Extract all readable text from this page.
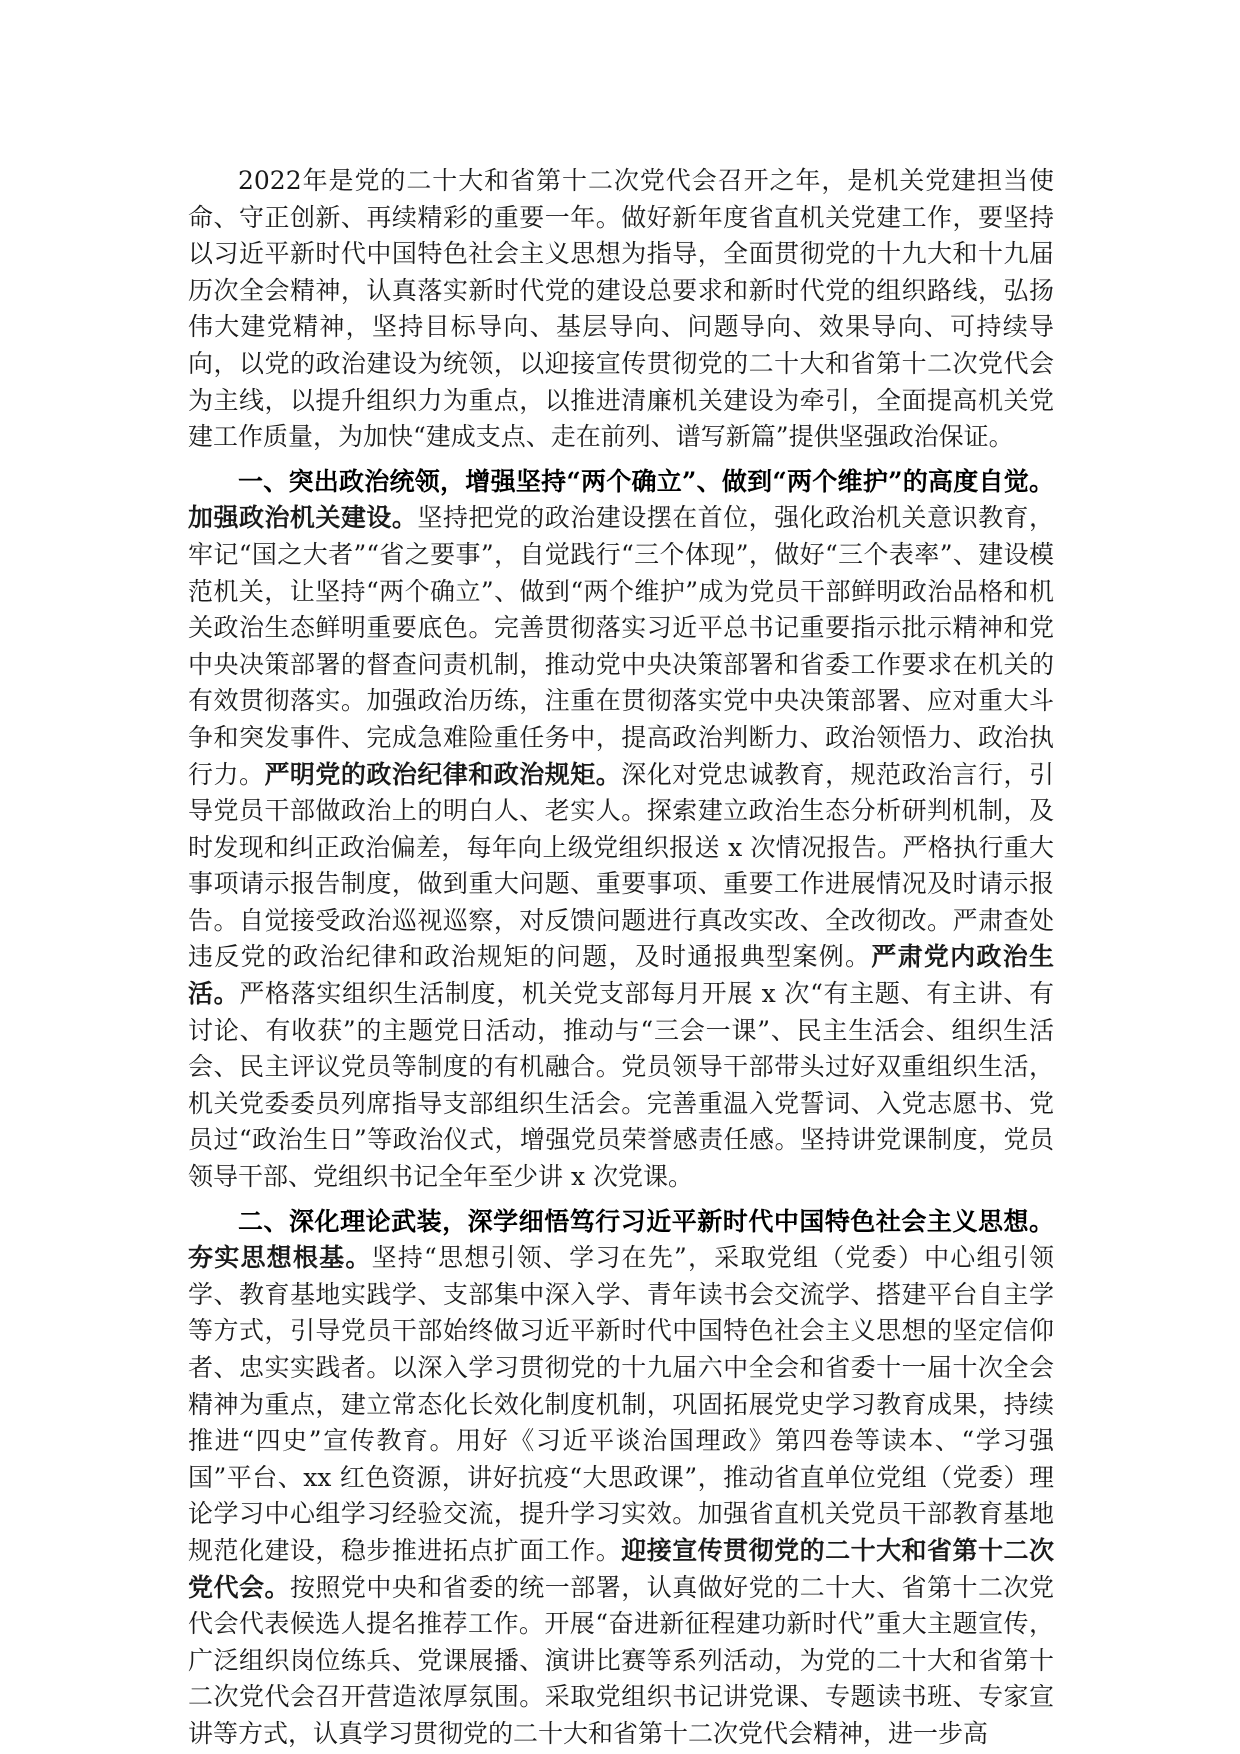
2022年是党的二十大和省第十二次党代会召开之年，是机关党建担当使命、守正创新、再续精彩的重要一年。做好新年度省直机关党建工作，要坚持以习近平新时代中国特色社会主义思想为指导，全面贯彻党的十九大和十九届历次全会精神，认真落实新时代党的建设总要求和新时代党的组织路线，弘扬伟大建党精神，坚持目标导向、基层导向、问题导向、效果导向、可持续导向，以党的政治建设为统领，以迎接宣传贯彻党的二十大和省第十二次党代会为主线，以提升组织力为重点，以推进清廉机关建设为牵引，全面提高机关党建工作质量，为加快“建成支点、走在前列、谱写新篇”提供坚强政治保证。

一、突出政治统领，增强坚持“两个确立”、做到“两个维护”的高度自觉。加强政治机关建设。坚持把党的政治建设摆在首位，强化政治机关意识教育，牢记“国之大者”“省之要事”，自觉践行“三个体现”，做好“三个表率”、建设模范机关，让坚持“两个确立”、做到“两个维护”成为党员干部鲜明政治品格和机关政治生态鲜明重要底色。完善贯彻落实习近平总书记重要指示批示精神和党中央决策部署的督查问责机制，推动党中央决策部署和省委工作要求在机关的有效贯彻落实。加强政治历练，注重在贯彻落实党中央决策部署、应对重大斗争和突发事件、完成急难险重任务中，提高政治判断力、政治领悟力、政治执行力。严明党的政治纪律和政治规矩。深化对党忠诚教育，规范政治言行，引导党员干部做政治上的明白人、老实人。探索建立政治生态分析研判机制，及时发现和纠正政治偏差，每年向上级党组织报送 x 次情况报告。严格执行重大事项请示报告制度，做到重大问题、重要事项、重要工作进展情况及时请示报告。自觉接受政治巡视巡察，对反馈问题进行真改实改、全改彻改。严肃查处违反党的政治纪律和政治规矩的问题，及时通报典型案例。严肃党内政治生活。严格落实组织生活制度，机关党支部每月开展 x 次“有主题、有主讲、有讨论、有收获”的主题党日活动，推动与“三会一课”、民主生活会、组织生活会、民主评议党员等制度的有机融合。党员领导干部带头过好双重组织生活，机关党委委员列席指导支部组织生活会。完善重温入党誓词、入党志愿书、党员过“政治生日”等政治仪式，增强党员荣誉感责任感。坚持讲党课制度，党员领导干部、党组织书记全年至少讲 x 次党课。

二、深化理论武装，深学细悟笃行习近平新时代中国特色社会主义思想。夯实思想根基。坚持“思想引领、学习在先”，采取党组（党委）中心组引领学、教育基地实践学、支部集中深入学、青年读书会交流学、搭建平台自主学等方式，引导党员干部始终做习近平新时代中国特色社会主义思想的坚定信仰者、忠实实践者。以深入学习贯彻党的十九届六中全会和省委十一届十次全会精神为重点，建立常态化长效化制度机制，巩固拓展党史学习教育成果，持续推进“四史”宣传教育。用好《习近平谈治国理政》第四卷等读本、“学习强国”平台、xx 红色资源，讲好抗疫“大思政课”，推动省直单位党组（党委）理论学习中心组学习经验交流，提升学习实效。加强省直机关党员干部教育基地规范化建设，稳步推进拓点扩面工作。迎接宣传贯彻党的二十大和省第十二次党代会。按照党中央和省委的统一部署，认真做好党的二十大、省第十二次党代会代表候选人提名推荐工作。开展“奋进新征程建功新时代”重大主题宣传，广泛组织岗位练兵、党课展播、演讲比赛等系列活动，为党的二十大和省第十二次党代会召开营造浓厚氛围。采取党组织书记讲党课、专题读书班、专家宣讲等方式，认真学习贯彻党的二十大和省第十二次党代会精神，进一步高
